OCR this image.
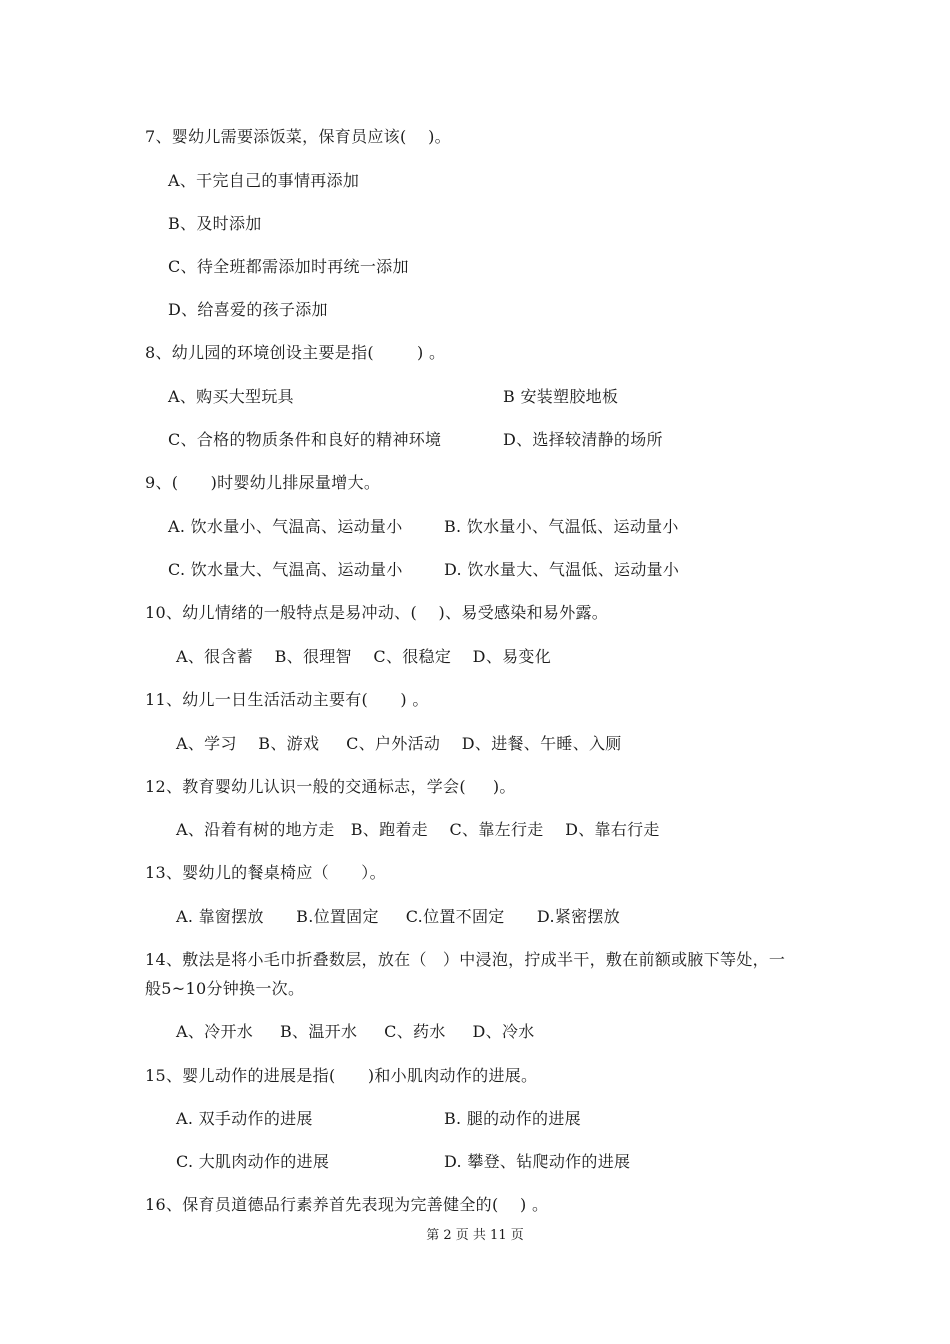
7、婴幼儿需要添饭菜，保育员应该(    )。
A、干完自己的事情再添加
B、及时添加
C、待全班都需添加时再统一添加
D、给喜爱的孩子添加
8、幼儿园的环境创设主要是指(        ) 。
A、购买大型玩具	B 安装塑胶地板
C、合格的物质条件和良好的精神环境	D、选择较清静的场所
9、(      )时婴幼儿排尿量增大。
A. 饮水量小、气温高、运动量小	B. 饮水量小、气温低、运动量小
C. 饮水量大、气温高、运动量小	D. 饮水量大、气温低、运动量小
10、幼儿情绪的一般特点是易冲动、(    )、易受感染和易外露。
A、很含蓄    B、很理智    C、很稳定    D、易变化
11、幼儿一日生活活动主要有(      ) 。
A、学习    B、游戏     C、户外活动    D、进餐、午睡、入厕
12、教育婴幼儿认识一般的交通标志，学会(     )。
A、沿着有树的地方走   B、跑着走    C、靠左行走    D、靠右行走
13、婴幼儿的餐桌椅应（      ）。
A. 靠窗摆放      B.位置固定     C.位置不固定      D.紧密摆放
14、敷法是将小毛巾折叠数层，放在（   ）中浸泡，拧成半干，敷在前额或腋下等处，一
般5~10分钟换一次。
A、冷开水     B、温开水     C、药水     D、冷水
15、婴儿动作的进展是指(      )和小肌肉动作的进展。
A. 双手动作的进展	B. 腿的动作的进展
C. 大肌肉动作的进展	D. 攀登、钻爬动作的进展
16、保育员道德品行素养首先表现为完善健全的(    ) 。
第 2 页 共 11 页
